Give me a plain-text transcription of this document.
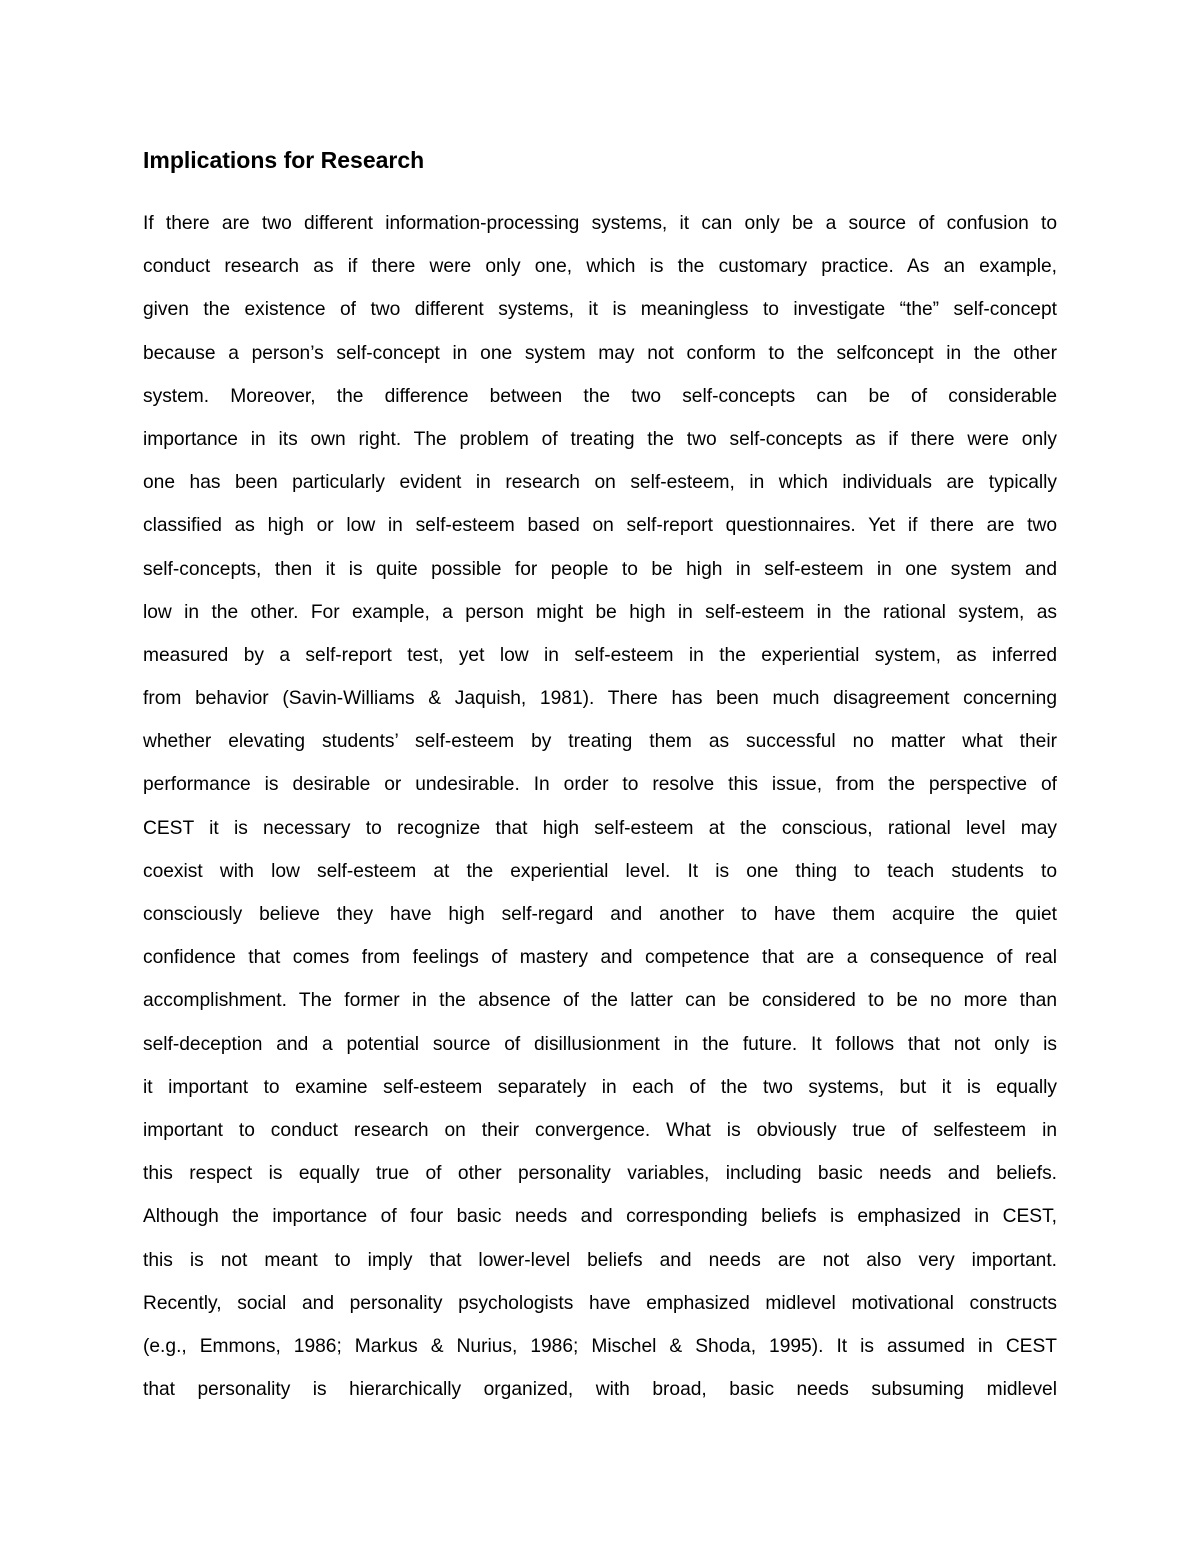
Implications for Research
If there are two different information-processing systems, it can only be a source of confusion to
conduct research as if there were only one, which is the customary practice. As an example,
given the existence of two different systems, it is meaningless to investigate “the” self-concept
because a person’s self-concept in one system may not conform to the selfconcept in the other
system. Moreover, the difference between the two self-concepts can be of considerable
importance in its own right. The problem of treating the two self-concepts as if there were only
one has been particularly evident in research on self-esteem, in which individuals are typically
classified as high or low in self-esteem based on self-report questionnaires. Yet if there are two
self-concepts, then it is quite possible for people to be high in self-esteem in one system and
low in the other. For example, a person might be high in self-esteem in the rational system, as
measured by a self-report test, yet low in self-esteem in the experiential system, as inferred
from behavior (Savin-Williams & Jaquish, 1981). There has been much disagreement concerning
whether elevating students’ self-esteem by treating them as successful no matter what their
performance is desirable or undesirable. In order to resolve this issue, from the perspective of
CEST it is necessary to recognize that high self-esteem at the conscious, rational level may
coexist with low self-esteem at the experiential level. It is one thing to teach students to
consciously believe they have high self-regard and another to have them acquire the quiet
confidence that comes from feelings of mastery and competence that are a consequence of real
accomplishment. The former in the absence of the latter can be considered to be no more than
self-deception and a potential source of disillusionment in the future. It follows that not only is
it important to examine self-esteem separately in each of the two systems, but it is equally
important to conduct research on their convergence. What is obviously true of selfesteem in
this respect is equally true of other personality variables, including basic needs and beliefs.
Although the importance of four basic needs and corresponding beliefs is emphasized in CEST,
this is not meant to imply that lower-level beliefs and needs are not also very important.
Recently, social and personality psychologists have emphasized midlevel motivational constructs
(e.g., Emmons, 1986; Markus & Nurius, 1986; Mischel & Shoda, 1995). It is assumed in CEST
that personality is hierarchically organized, with broad, basic needs subsuming midlevel
